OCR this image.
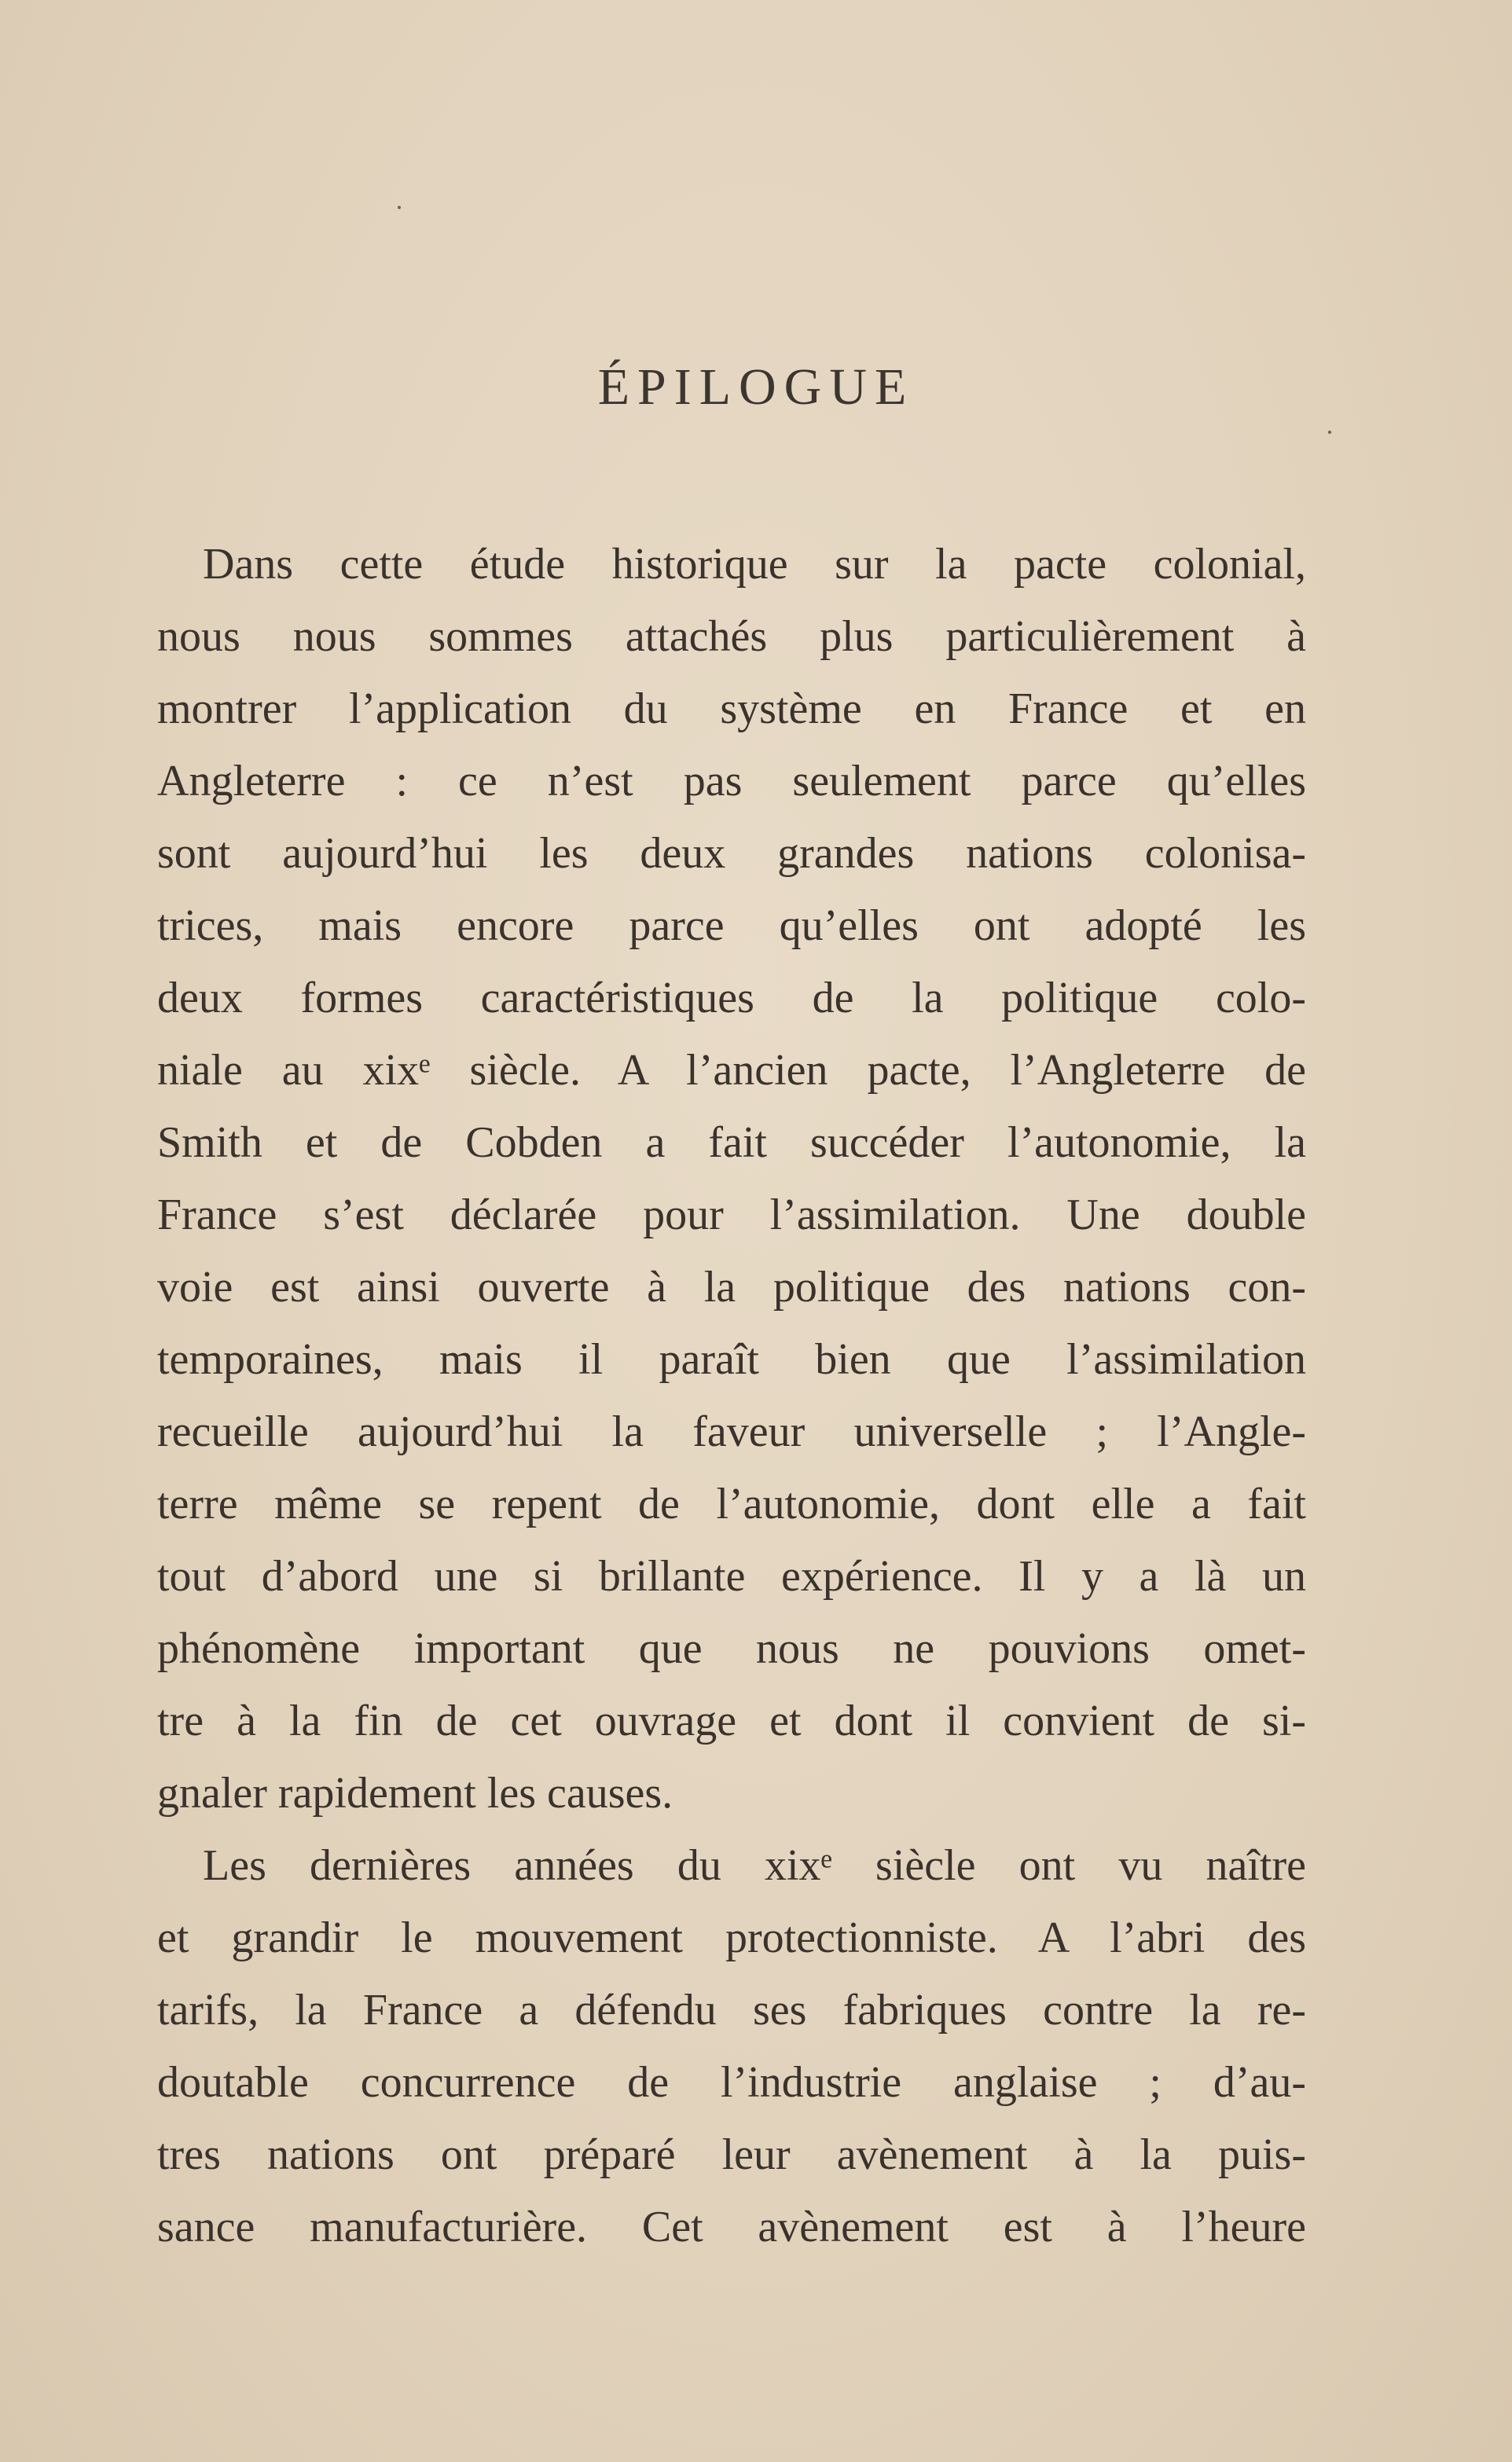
ÉPILOGUE
Dans cette étude historique sur la pacte colonial,
nous nous sommes attachés plus particulièrement à
montrer l’application du système en France et en
Angleterre : ce n’est pas seulement parce qu’elles
sont aujourd’hui les deux grandes nations colonisa-
trices, mais encore parce qu’elles ont adopté les
deux formes caractéristiques de la politique colo-
niale au xixᵉ siècle. A l’ancien pacte, l’Angleterre de
Smith et de Cobden a fait succéder l’autonomie, la
France s’est déclarée pour l’assimilation. Une double
voie est ainsi ouverte à la politique des nations con-
temporaines, mais il paraît bien que l’assimilation
recueille aujourd’hui la faveur universelle ; l’Angle-
terre même se repent de l’autonomie, dont elle a fait
tout d’abord une si brillante expérience. Il y a là un
phénomène important que nous ne pouvions omet-
tre à la fin de cet ouvrage et dont il convient de si-
gnaler rapidement les causes.
Les dernières années du xixᵉ siècle ont vu naître
et grandir le mouvement protectionniste. A l’abri des
tarifs, la France a défendu ses fabriques contre la re-
doutable concurrence de l’industrie anglaise ; d’au-
tres nations ont préparé leur avènement à la puis-
sance manufacturière. Cet avènement est à l’heure
